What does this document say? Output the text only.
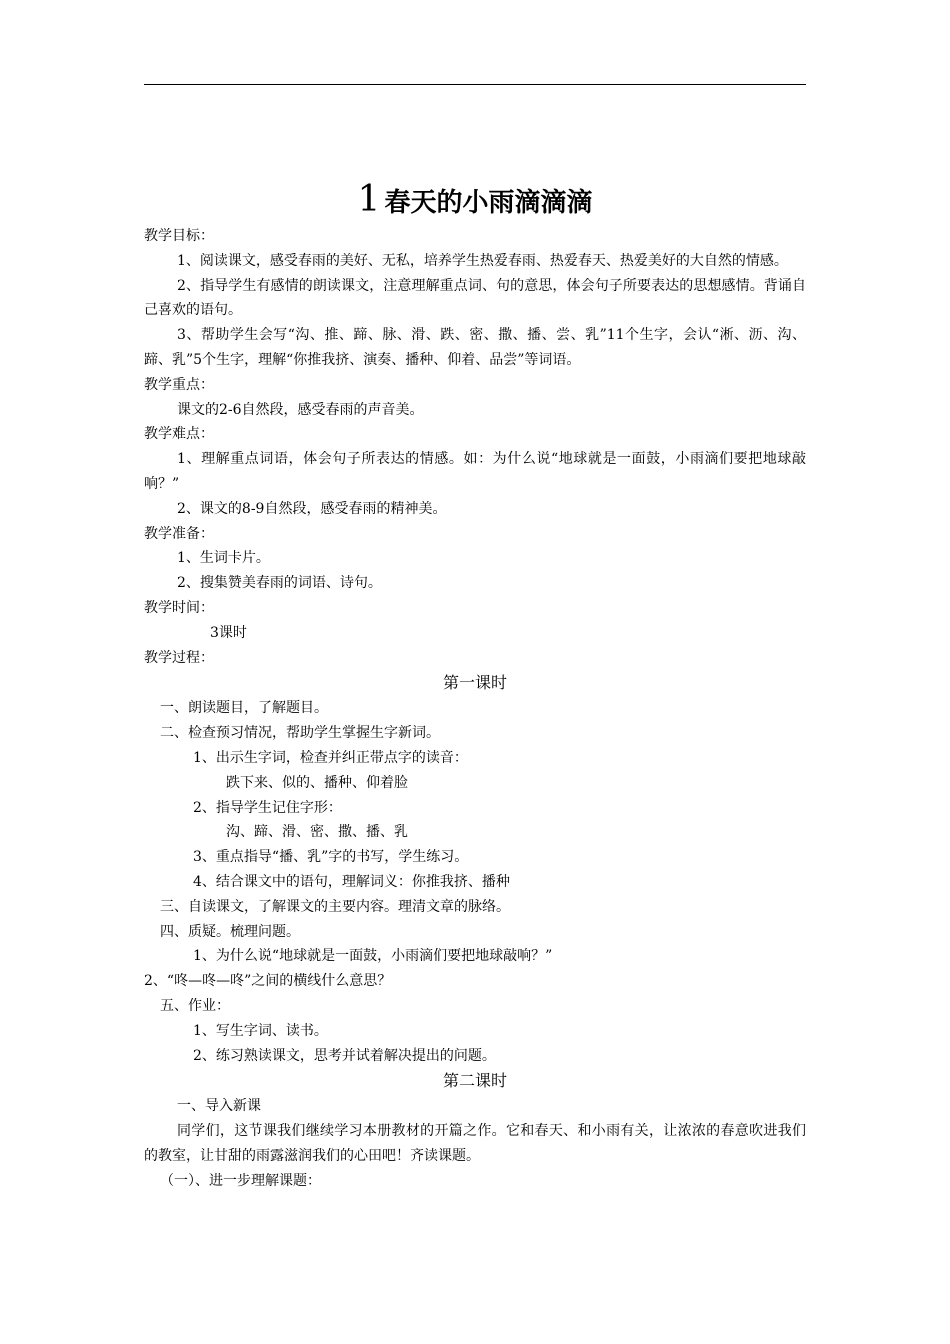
1 春天的小雨滴滴滴

教学目标：

1、阅读课文，感受春雨的美好、无私，培养学生热爱春雨、热爱春天、热爱美好的大自然的情感。

2、指导学生有感情的朗读课文，注意理解重点词、句的意思，体会句子所要表达的思想感情。背诵自己喜欢的语句。

3、帮助学生会写“沟、推、蹄、脉、滑、跌、密、撒、播、尝、乳”11个生字，会认“淅、沥、沟、蹄、乳”5个生字，理解“你推我挤、演奏、播种、仰着、品尝”等词语。

教学重点：

课文的2-6自然段，感受春雨的声音美。

教学难点：

1、理解重点词语，体会句子所表达的情感。如：为什么说“地球就是一面鼓，小雨滴们要把地球敲响？”

2、课文的8-9自然段，感受春雨的精神美。

教学准备：

1、生词卡片。

2、搜集赞美春雨的词语、诗句。

教学时间：

3课时

教学过程：

第一课时

一、朗读题目，了解题目。

二、检查预习情况，帮助学生掌握生字新词。

1、出示生字词，检查并纠正带点字的读音：

跌下来、似的、播种、仰着脸

2、指导学生记住字形：

沟、蹄、滑、密、撒、播、乳

3、重点指导“播、乳”字的书写，学生练习。

4、结合课文中的语句，理解词义：你推我挤、播种

三、自读课文，了解课文的主要内容。理清文章的脉络。

四、质疑。梳理问题。

1、为什么说“地球就是一面鼓，小雨滴们要把地球敲响？”

2、“咚—咚—咚”之间的横线什么意思？

五、作业：

1、写生字词、读书。

2、练习熟读课文，思考并试着解决提出的问题。

第二课时

一、导入新课

同学们，这节课我们继续学习本册教材的开篇之作。它和春天、和小雨有关，让浓浓的春意吹进我们的教室，让甘甜的雨露滋润我们的心田吧！齐读课题。

（一）、进一步理解课题：
